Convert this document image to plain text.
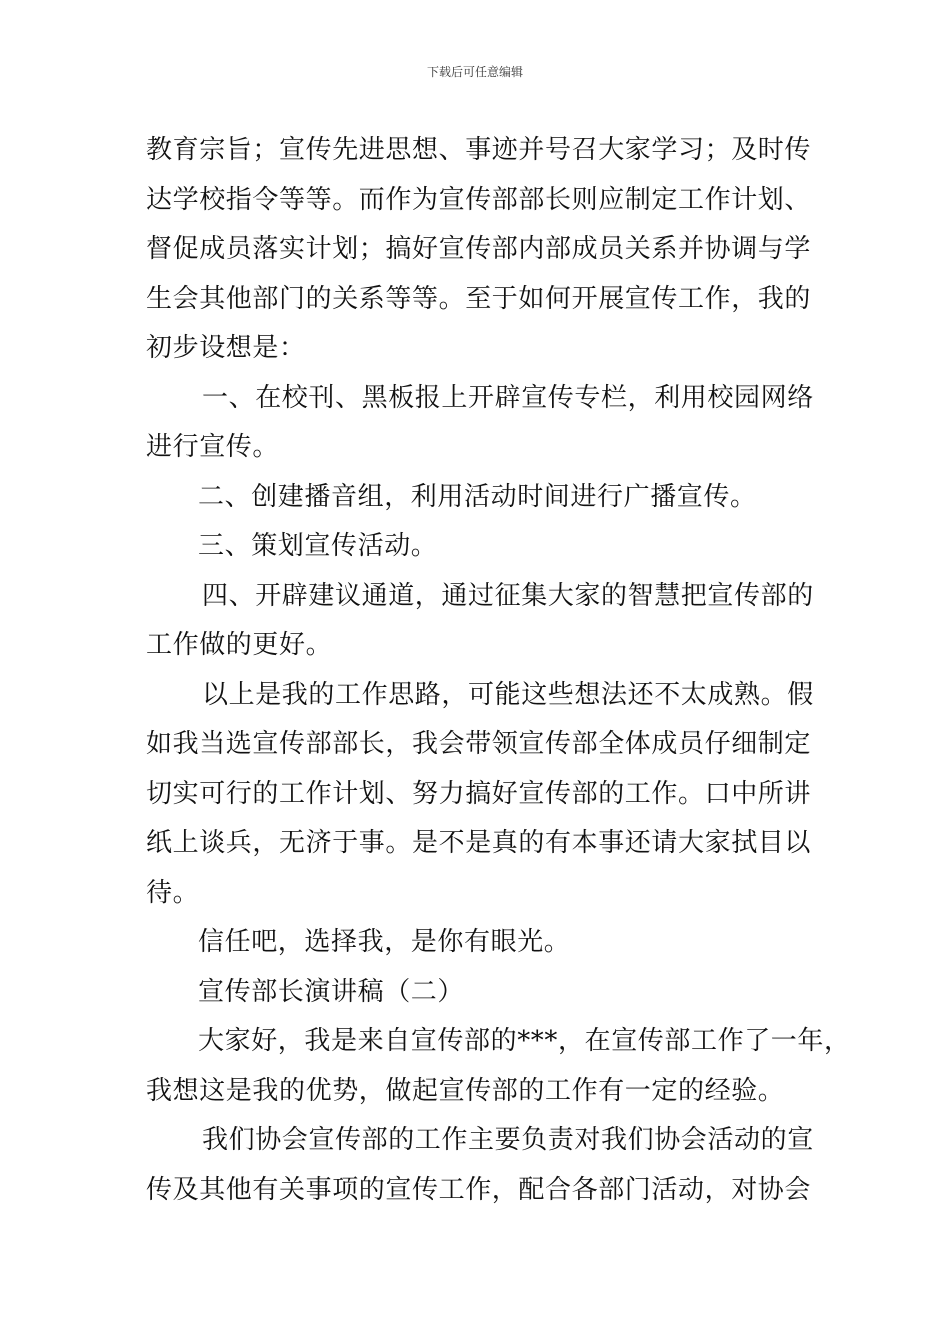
下载后可任意编辑

教育宗旨；宣传先进思想、事迹并号召大家学习；及时传

达学校指令等等。而作为宣传部部长则应制定工作计划、

督促成员落实计划；搞好宣传部内部成员关系并协调与学

生会其他部门的关系等等。至于如何开展宣传工作，我的

初步设想是：

一、在校刊、黑板报上开辟宣传专栏，利用校园网络

进行宣传。

二、创建播音组，利用活动时间进行广播宣传。

三、策划宣传活动。

四、开辟建议通道，通过征集大家的智慧把宣传部的

工作做的更好。

以上是我的工作思路，可能这些想法还不太成熟。假

如我当选宣传部部长，我会带领宣传部全体成员仔细制定

切实可行的工作计划、努力搞好宣传部的工作。口中所讲

纸上谈兵，无济于事。是不是真的有本事还请大家拭目以

待。

信任吧，选择我，是你有眼光。

宣传部长演讲稿（二）

大家好，我是来自宣传部的***，在宣传部工作了一年，

我想这是我的优势，做起宣传部的工作有一定的经验。

我们协会宣传部的工作主要负责对我们协会活动的宣

传及其他有关事项的宣传工作，配合各部门活动，对协会
